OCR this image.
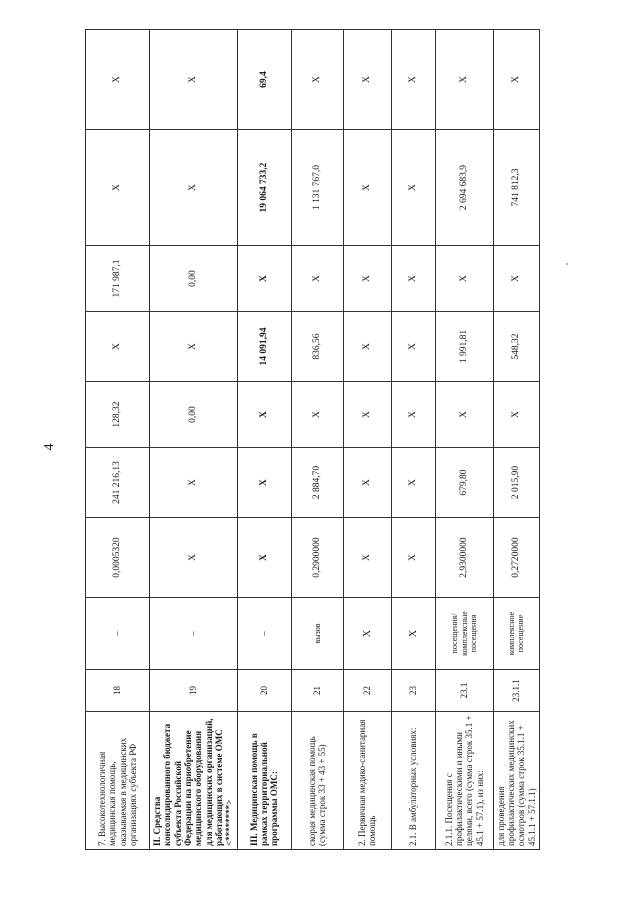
4
7. Высокотехнологичная медицинская помощь, оказываемая в медицинских организациях субъекта РФ	18	–	0,0005320	241 216,13	128,32	X	171 987,1	X	X
II. Средства консолидированного бюджета субъекта Российской Федерации на приобретение медицинского оборудования для медицинских организаций, работающих в системе ОМС <********>	19	–	X	X	0,00	X	0,00	X	X
III. Медицинская помощь в рамках территориальной программы ОМС:	20	–	X	X	X	14 091,94	X	19 064 733,2	69,4
скорая медицинская помощь (сумма строк 33 + 43 + 55)	21	вызов	0,2900000	2 884,70	X	836,56	X	1 131 767,0	X
2. Первичная медико-санитарная помощь	22	X	X	X	X	X	X	X	X
2.1. В амбулаторных условиях:	23	X	X	X	X	X	X	X	X
2.1.1. Посещения с профилактическими и иными целями, всего (сумма строк 35.1 + 45.1 + 57.1), из них:	23.1	посещения/комплексные посещения	2,9300000	679,80	X	1 991,81	X	2 694 683,9	X
для проведения профилактических медицинских осмотров (сумма строк 35.1.1 + 45.1.1 + 57.1.1)	23.1.1	комплексное посещение	0,2720000	2 015,90	X	548,32	X	741 812,3	X
